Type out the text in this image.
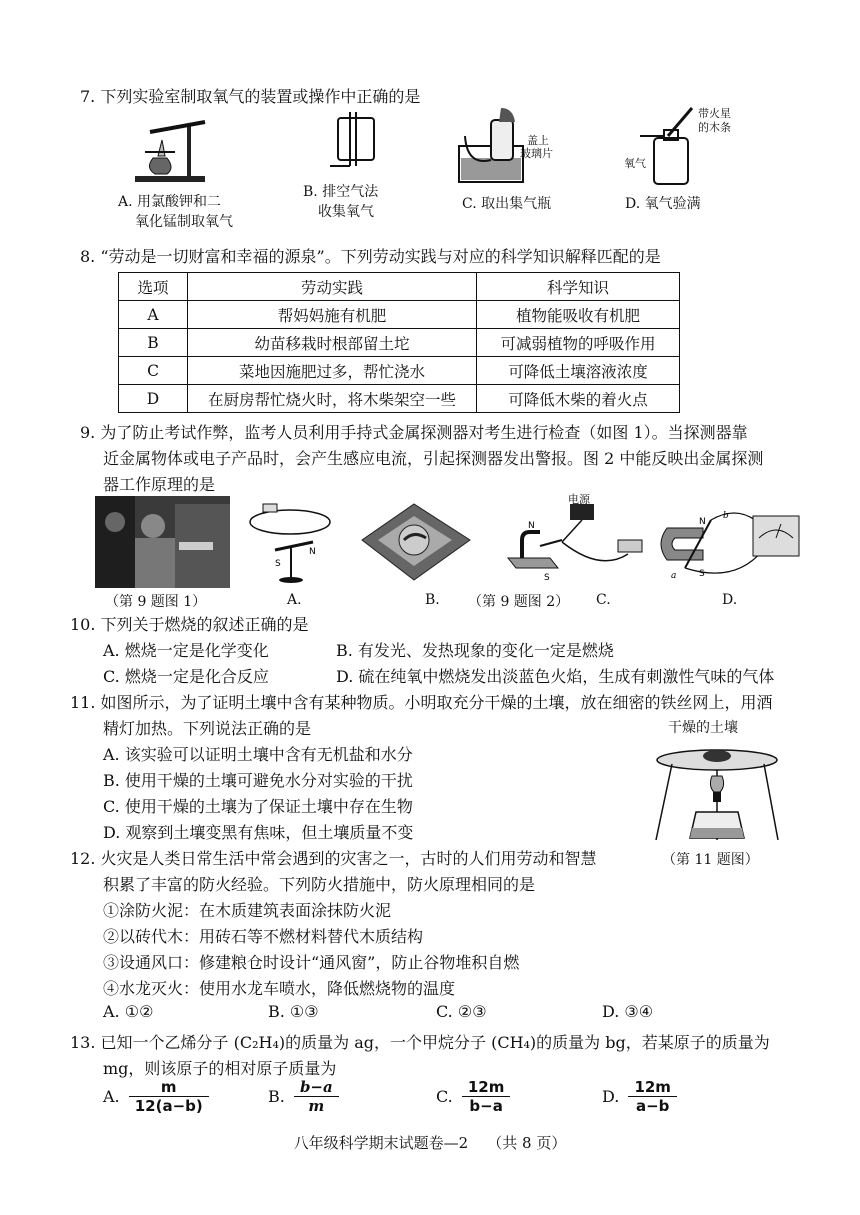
7. 下列实验室制取氧气的装置或操作中正确的是
A. 用氯酸钾和二
氧化锰制取氧气
B. 排空气法
收集氧气
盖上
玻璃片
C. 取出集气瓶
带火星
的木条
氧气
D. 氧气验满
8. “劳动是一切财富和幸福的源泉”。下列劳动实践与对应的科学知识解释匹配的是
选项	劳动实践	科学知识
A	帮妈妈施有机肥	植物能吸收有机肥
B	幼苗移栽时根部留土坨	可减弱植物的呼吸作用
C	菜地因施肥过多，帮忙浇水	可降低土壤溶液浓度
D	在厨房帮忙烧火时，将木柴架空一些	可降低木柴的着火点
9. 为了防止考试作弊，监考人员利用手持式金属探测器对考生进行检查（如图 1）。当探测器靠
近金属物体或电子产品时，会产生感应电流，引起探测器发出警报。图 2 中能反映出金属探测
器工作原理的是
（第 9 题图 1）
S
N
A.	B. （第 9 题图 2）
N
S
电源
C.
N
b
a	S
D.
10. 下列关于燃烧的叙述正确的是
A. 燃烧一定是化学变化	B. 有发光、发热现象的变化一定是燃烧
C. 燃烧一定是化合反应	D. 硫在纯氧中燃烧发出淡蓝色火焰，生成有刺激性气味的气体
11. 如图所示，为了证明土壤中含有某种物质。小明取充分干燥的土壤，放在细密的铁丝网上，用酒
精灯加热。下列说法正确的是
A. 该实验可以证明土壤中含有无机盐和水分
B. 使用干燥的土壤可避免水分对实验的干扰
C. 使用干燥的土壤为了保证土壤中存在生物
D. 观察到土壤变黑有焦味，但土壤质量不变
干燥的土壤
（第 11 题图）
12. 火灾是人类日常生活中常会遇到的灾害之一，古时的人们用劳动和智慧
积累了丰富的防火经验。下列防火措施中，防火原理相同的是
①涂防火泥：在木质建筑表面涂抹防火泥
②以砖代木：用砖石等不燃材料替代木质结构
③设通风口：修建粮仓时设计“通风窗”，防止谷物堆积自燃
④水龙灭火：使用水龙车喷水，降低燃烧物的温度
A. ①②	B. ①③	C. ②③	D. ③④
13. 已知一个乙烯分子 (C₂H₄)的质量为 ag，一个甲烷分子 (CH₄)的质量为 bg，若某原子的质量为
mg，则该原子的相对原子质量为
A. $\frac{m}{12(a-b)}$	B. $\frac{b-a}{m}$	C. $\frac{12m}{b-a}$	D. $\frac{12m}{a-b}$
八年级科学期末试题卷—2    （共 8 页）
